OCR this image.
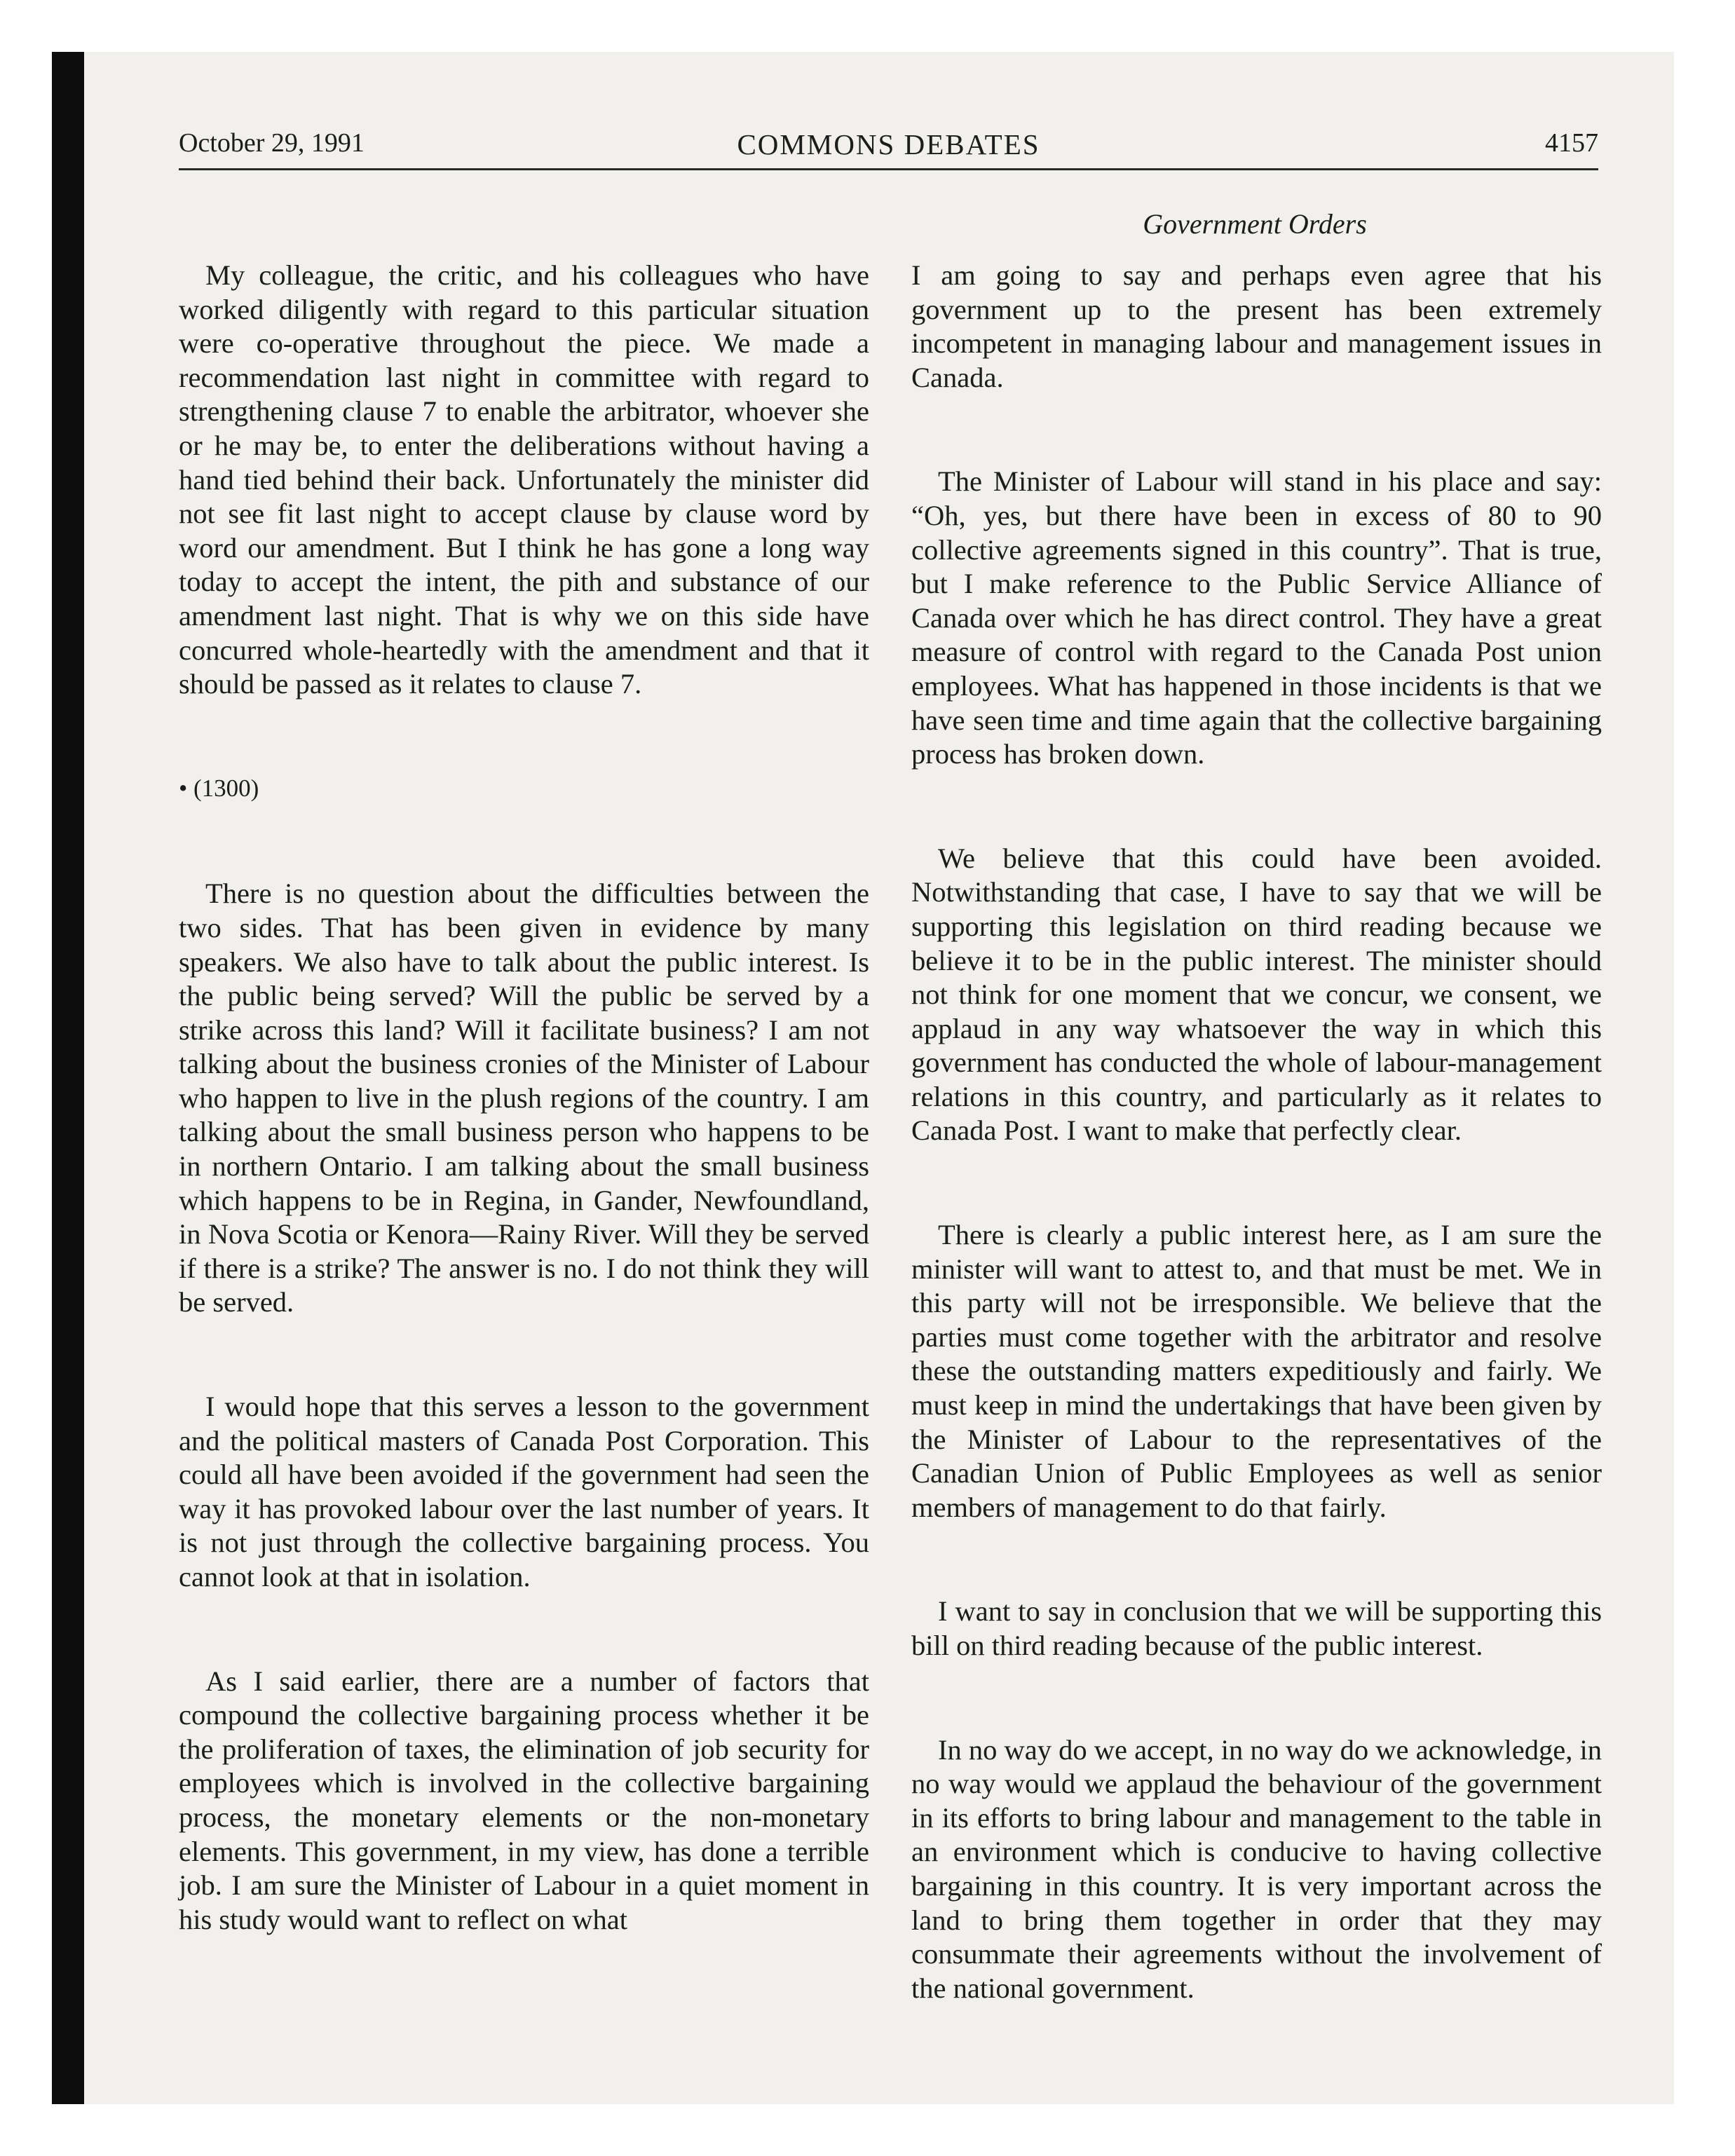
October 29, 1991	COMMONS DEBATES	4157
Government Orders

My colleague, the critic, and his colleagues who have worked diligently with regard to this particular situation were co-operative throughout the piece. We made a recommendation last night in committee with regard to strengthening clause 7 to enable the arbitrator, whoever she or he may be, to enter the deliberations without having a hand tied behind their back. Unfortunately the minister did not see fit last night to accept clause by clause word by word our amendment. But I think he has gone a long way today to accept the intent, the pith and substance of our amendment last night. That is why we on this side have concurred whole-heartedly with the amendment and that it should be passed as it relates to clause 7.

• (1300)

There is no question about the difficulties between the two sides. That has been given in evidence by many speakers. We also have to talk about the public interest. Is the public being served? Will the public be served by a strike across this land? Will it facilitate business? I am not talking about the business cronies of the Minister of Labour who happen to live in the plush regions of the country. I am talking about the small business person who happens to be in northern Ontario. I am talking about the small business which happens to be in Regina, in Gander, Newfoundland, in Nova Scotia or Kenora—Rainy River. Will they be served if there is a strike? The answer is no. I do not think they will be served.

I would hope that this serves a lesson to the government and the political masters of Canada Post Corporation. This could all have been avoided if the government had seen the way it has provoked labour over the last number of years. It is not just through the collective bargaining process. You cannot look at that in isolation.

As I said earlier, there are a number of factors that compound the collective bargaining process whether it be the proliferation of taxes, the elimination of job security for employees which is involved in the collective bargaining process, the monetary elements or the non-monetary elements. This government, in my view, has done a terrible job. I am sure the Minister of Labour in a quiet moment in his study would want to reflect on what

I am going to say and perhaps even agree that his government up to the present has been extremely incompetent in managing labour and management issues in Canada.

The Minister of Labour will stand in his place and say: “Oh, yes, but there have been in excess of 80 to 90 collective agreements signed in this country”. That is true, but I make reference to the Public Service Alliance of Canada over which he has direct control. They have a great measure of control with regard to the Canada Post union employees. What has happened in those incidents is that we have seen time and time again that the collective bargaining process has broken down.

We believe that this could have been avoided. Notwithstanding that case, I have to say that we will be supporting this legislation on third reading because we believe it to be in the public interest. The minister should not think for one moment that we concur, we consent, we applaud in any way whatsoever the way in which this government has conducted the whole of labour-management relations in this country, and particularly as it relates to Canada Post. I want to make that perfectly clear.

There is clearly a public interest here, as I am sure the minister will want to attest to, and that must be met. We in this party will not be irresponsible. We believe that the parties must come together with the arbitrator and resolve these the outstanding matters expeditiously and fairly. We must keep in mind the undertakings that have been given by the Minister of Labour to the representatives of the Canadian Union of Public Employees as well as senior members of management to do that fairly.

I want to say in conclusion that we will be supporting this bill on third reading because of the public interest.

In no way do we accept, in no way do we acknowledge, in no way would we applaud the behaviour of the government in its efforts to bring labour and management to the table in an environment which is conducive to having collective bargaining in this country. It is very important across the land to bring them together in order that they may consummate their agreements without the involvement of the national government.
